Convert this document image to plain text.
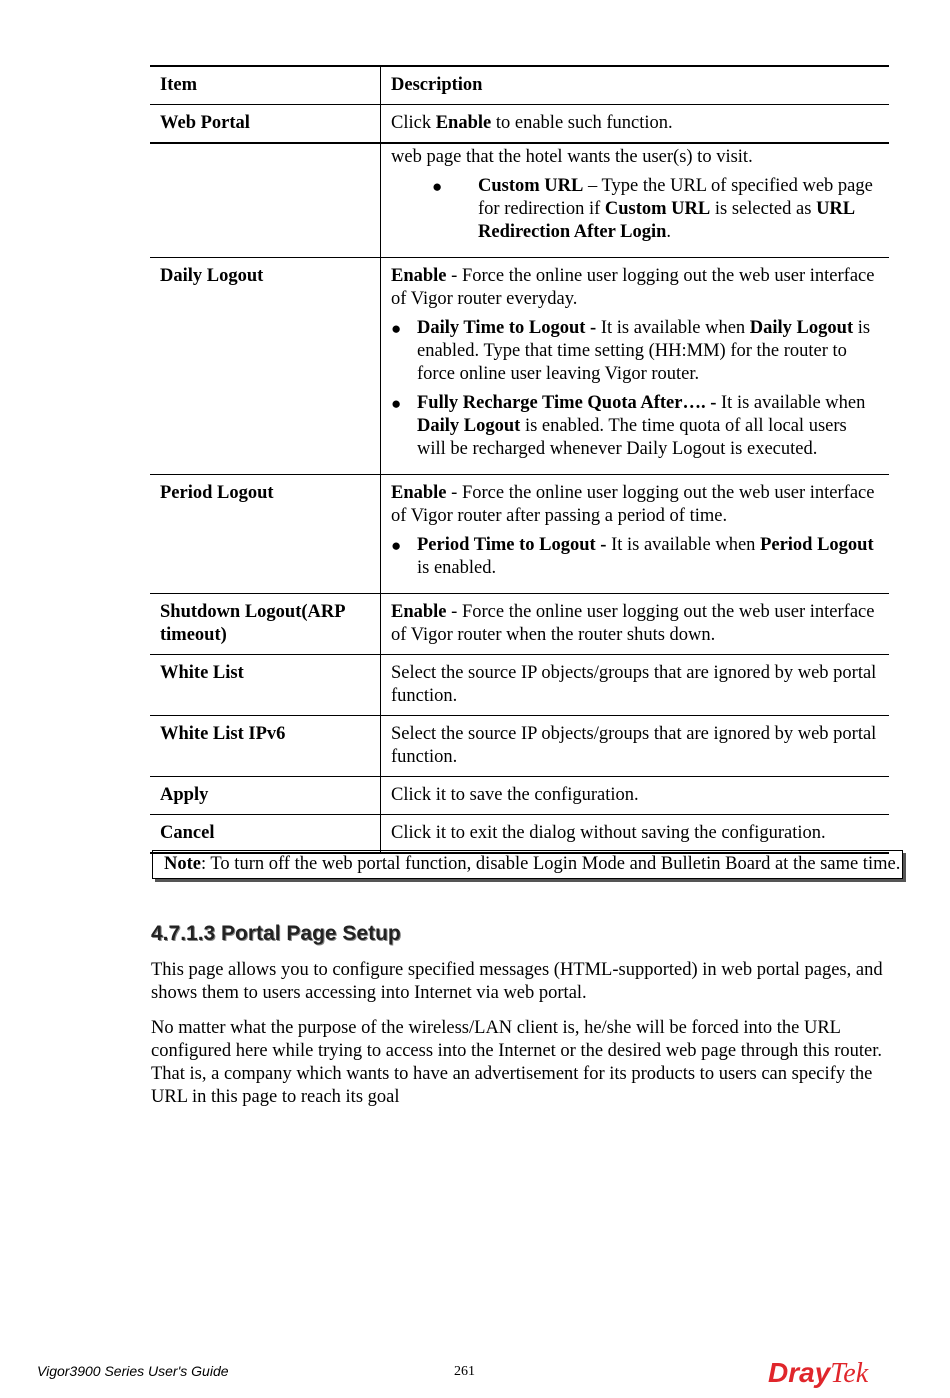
Item	Description
Web Portal	Click Enable to enable such function.

	web page that the hotel wants the user(s) to visit.
● Custom URL – Type the URL of specified web page for redirection if Custom URL is selected as URL Redirection After Login.

Daily Logout	Enable - Force the online user logging out the web user interface of Vigor router everyday.
● Daily Time to Logout - It is available when Daily Logout is enabled. Type that time setting (HH:MM) for the router to force online user leaving Vigor router.
● Fully Recharge Time Quota After…. - It is available when Daily Logout is enabled. The time quota of all local users will be recharged whenever Daily Logout is executed.

Period Logout	Enable - Force the online user logging out the web user interface of Vigor router after passing a period of time.
● Period Time to Logout - It is available when Period Logout is enabled.

Shutdown Logout(ARP timeout)	Enable - Force the online user logging out the web user interface of Vigor router when the router shuts down.

White List	Select the source IP objects/groups that are ignored by web portal function.

White List IPv6	Select the source IP objects/groups that are ignored by web portal function.

Apply	Click it to save the configuration.

Cancel	Click it to exit the dialog without saving the configuration.
Note: To turn off the web portal function, disable Login Mode and Bulletin Board at the same time.
4.7.1.3 Portal Page Setup

This page allows you to configure specified messages (HTML-supported) in web portal pages, and shows them to users accessing into Internet via web portal.

No matter what the purpose of the wireless/LAN client is, he/she will be forced into the URL configured here while trying to access into the Internet or the desired web page through this router. That is, a company which wants to have an advertisement for its products to users can specify the URL in this page to reach its goal

Vigor3900 Series User's Guide	261	DrayTek
